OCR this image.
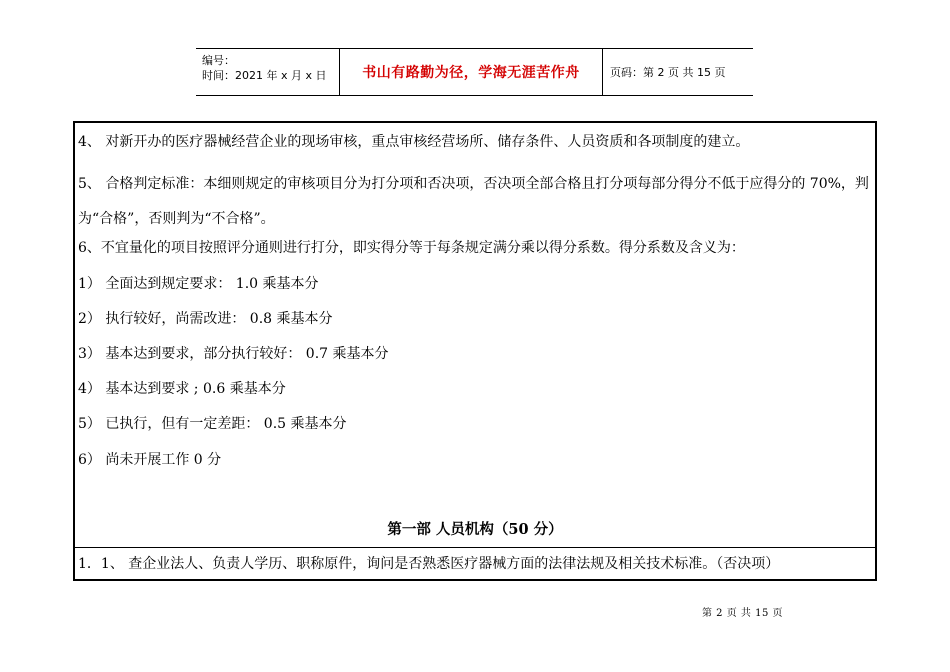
编号：
时间：2021 年 x 月 x 日	书山有路勤为径，学海无涯苦作舟	页码：第 2 页 共 15 页
4、 对新开办的医疗器械经营企业的现场审核，重点审核经营场所、储存条件、人员资质和各项制度的建立。
5、 合格判定标准：本细则规定的审核项目分为打分项和否决项，否决项全部合格且打分项每部分得分不低于应得分的 70%，判为“合格”，否则判为“不合格”。
6、不宜量化的项目按照评分通则进行打分，即实得分等于每条规定满分乘以得分系数。得分系数及含义为：
1） 全面达到规定要求： 1.0 乘基本分
2） 执行较好，尚需改进： 0.8 乘基本分
3） 基本达到要求，部分执行较好： 0.7 乘基本分
4） 基本达到要求 ; 0.6 乘基本分
5） 已执行，但有一定差距： 0.5 乘基本分
6） 尚未开展工作 0 分
第一部 人员机构（50 分）
1．1、 查企业法人、负责人学历、职称原件，询问是否熟悉医疗器械方面的法律法规及相关技术标准。（否决项）
第 2 页 共 15 页
